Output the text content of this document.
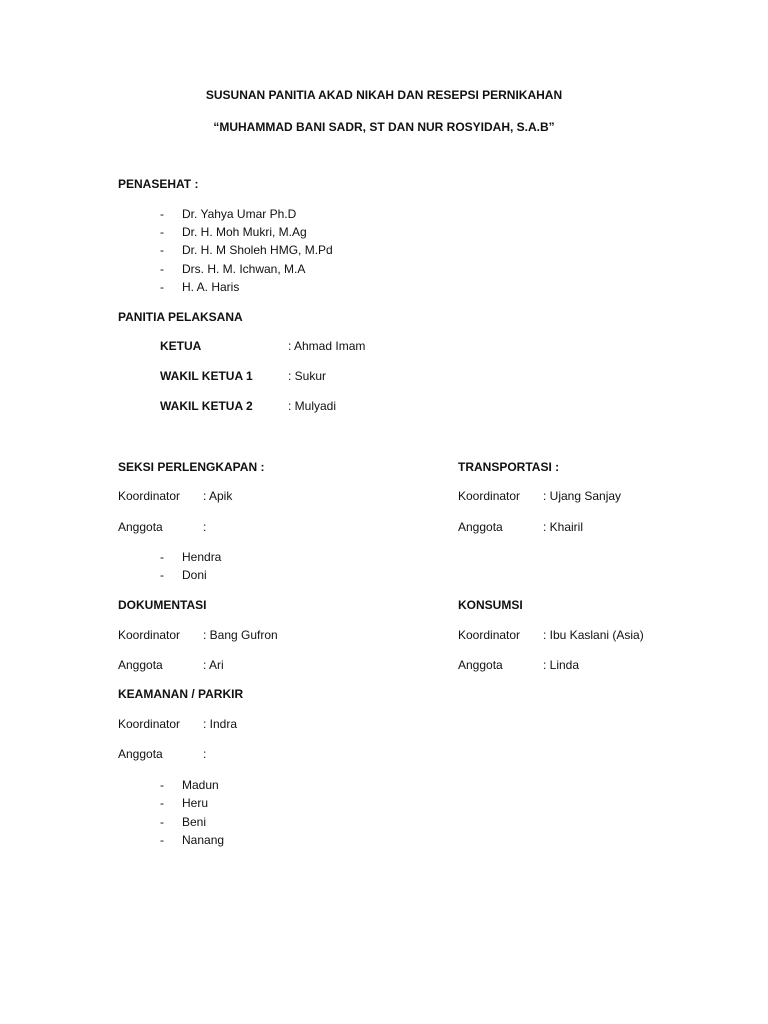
SUSUNAN PANITIA AKAD NIKAH DAN RESEPSI PERNIKAHAN
“MUHAMMAD BANI SADR, ST DAN NUR ROSYIDAH, S.A.B”
PENASEHAT :
- Dr. Yahya Umar Ph.D
- Dr. H. Moh Mukri, M.Ag
- Dr. H. M Sholeh HMG, M.Pd
- Drs. H. M. Ichwan, M.A
- H. A. Haris
PANITIA PELAKSANA
KETUA	: Ahmad Imam
WAKIL KETUA 1	: Sukur
WAKIL KETUA 2	: Mulyadi
SEKSI PERLENGKAPAN :
Koordinator : Apik
Anggota	:
- Hendra
- Doni
TRANSPORTASI :
Koordinator : Ujang Sanjay
Anggota	: Khairil
DOKUMENTASI
Koordinator : Bang Gufron
Anggota	: Ari
KONSUMSI
Koordinator : Ibu Kaslani (Asia)
Anggota	: Linda
KEAMANAN / PARKIR
Koordinator : Indra
Anggota	:
- Madun
- Heru
- Beni
- Nanang
